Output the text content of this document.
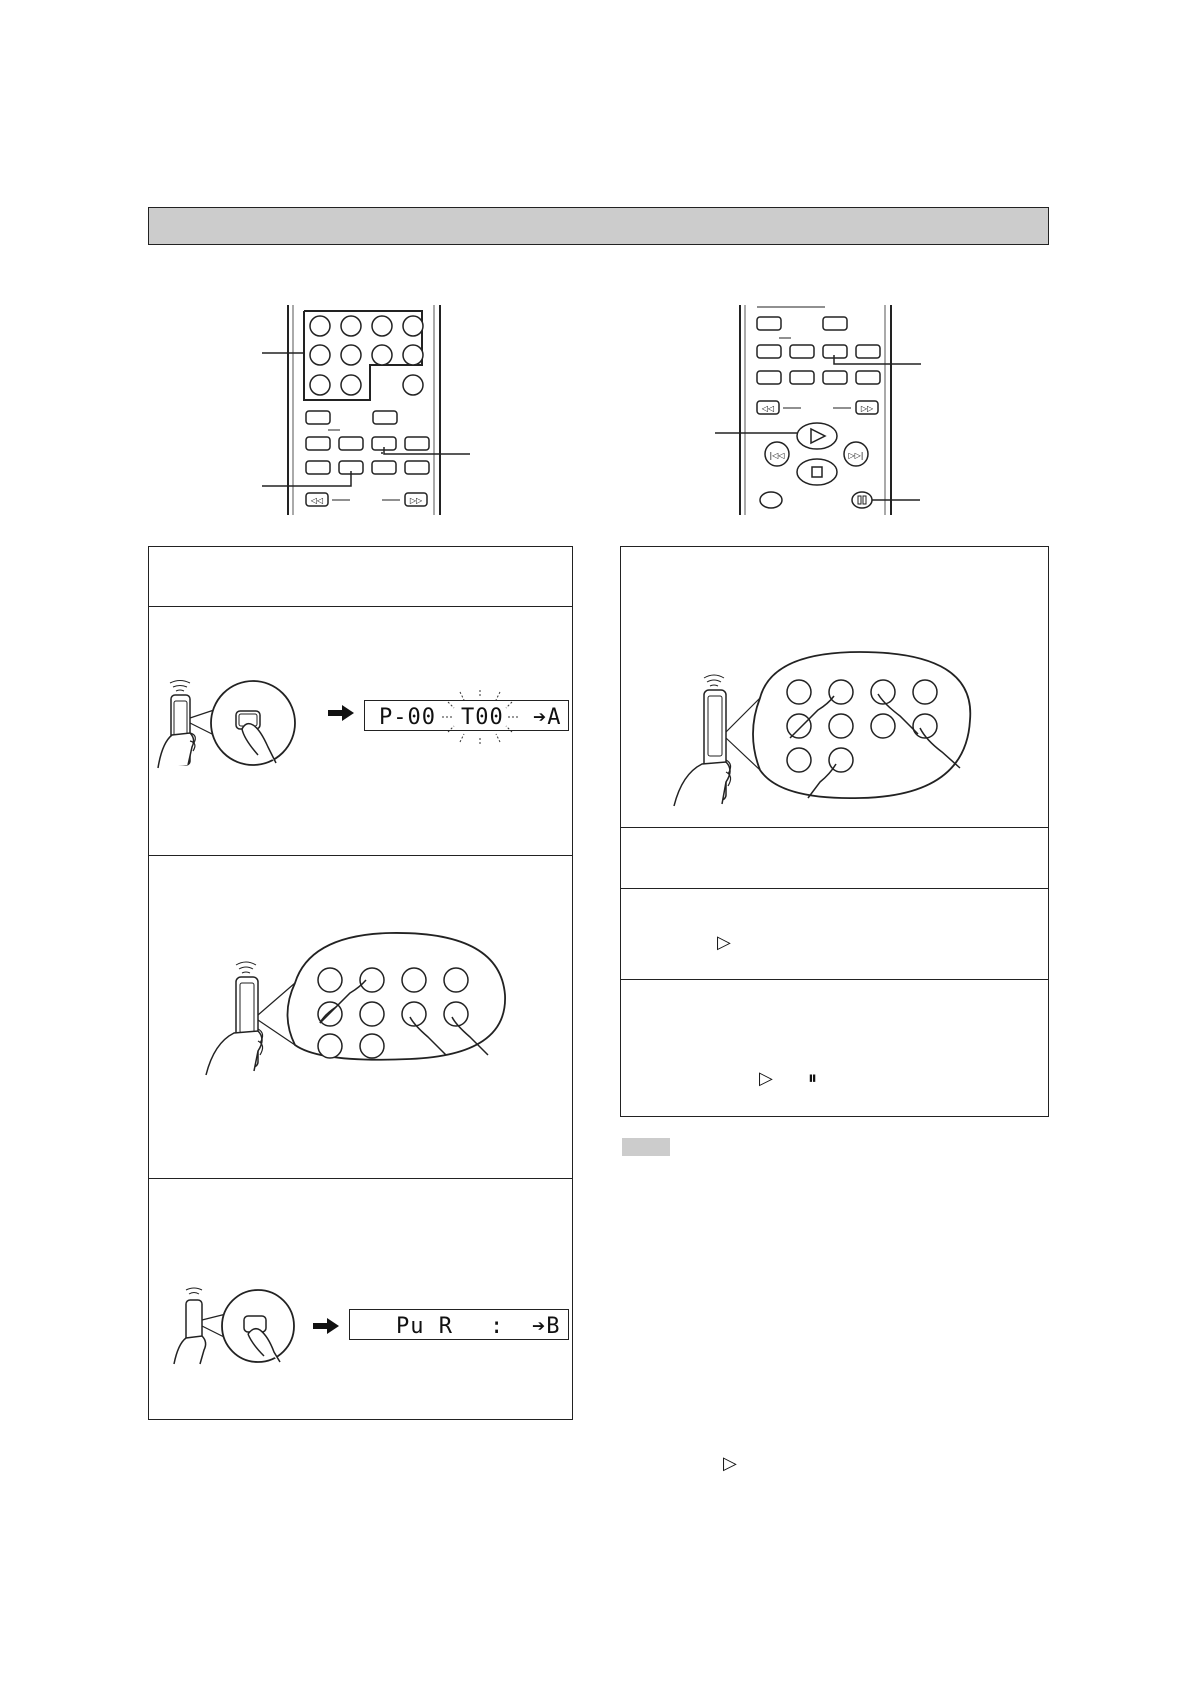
◁◁	▷▷
◁◁	▷▷
|◁◁	▷▷|

P-00

T00

➔A

Pu R

:

➔B

▷
▷ ⏸
▷
